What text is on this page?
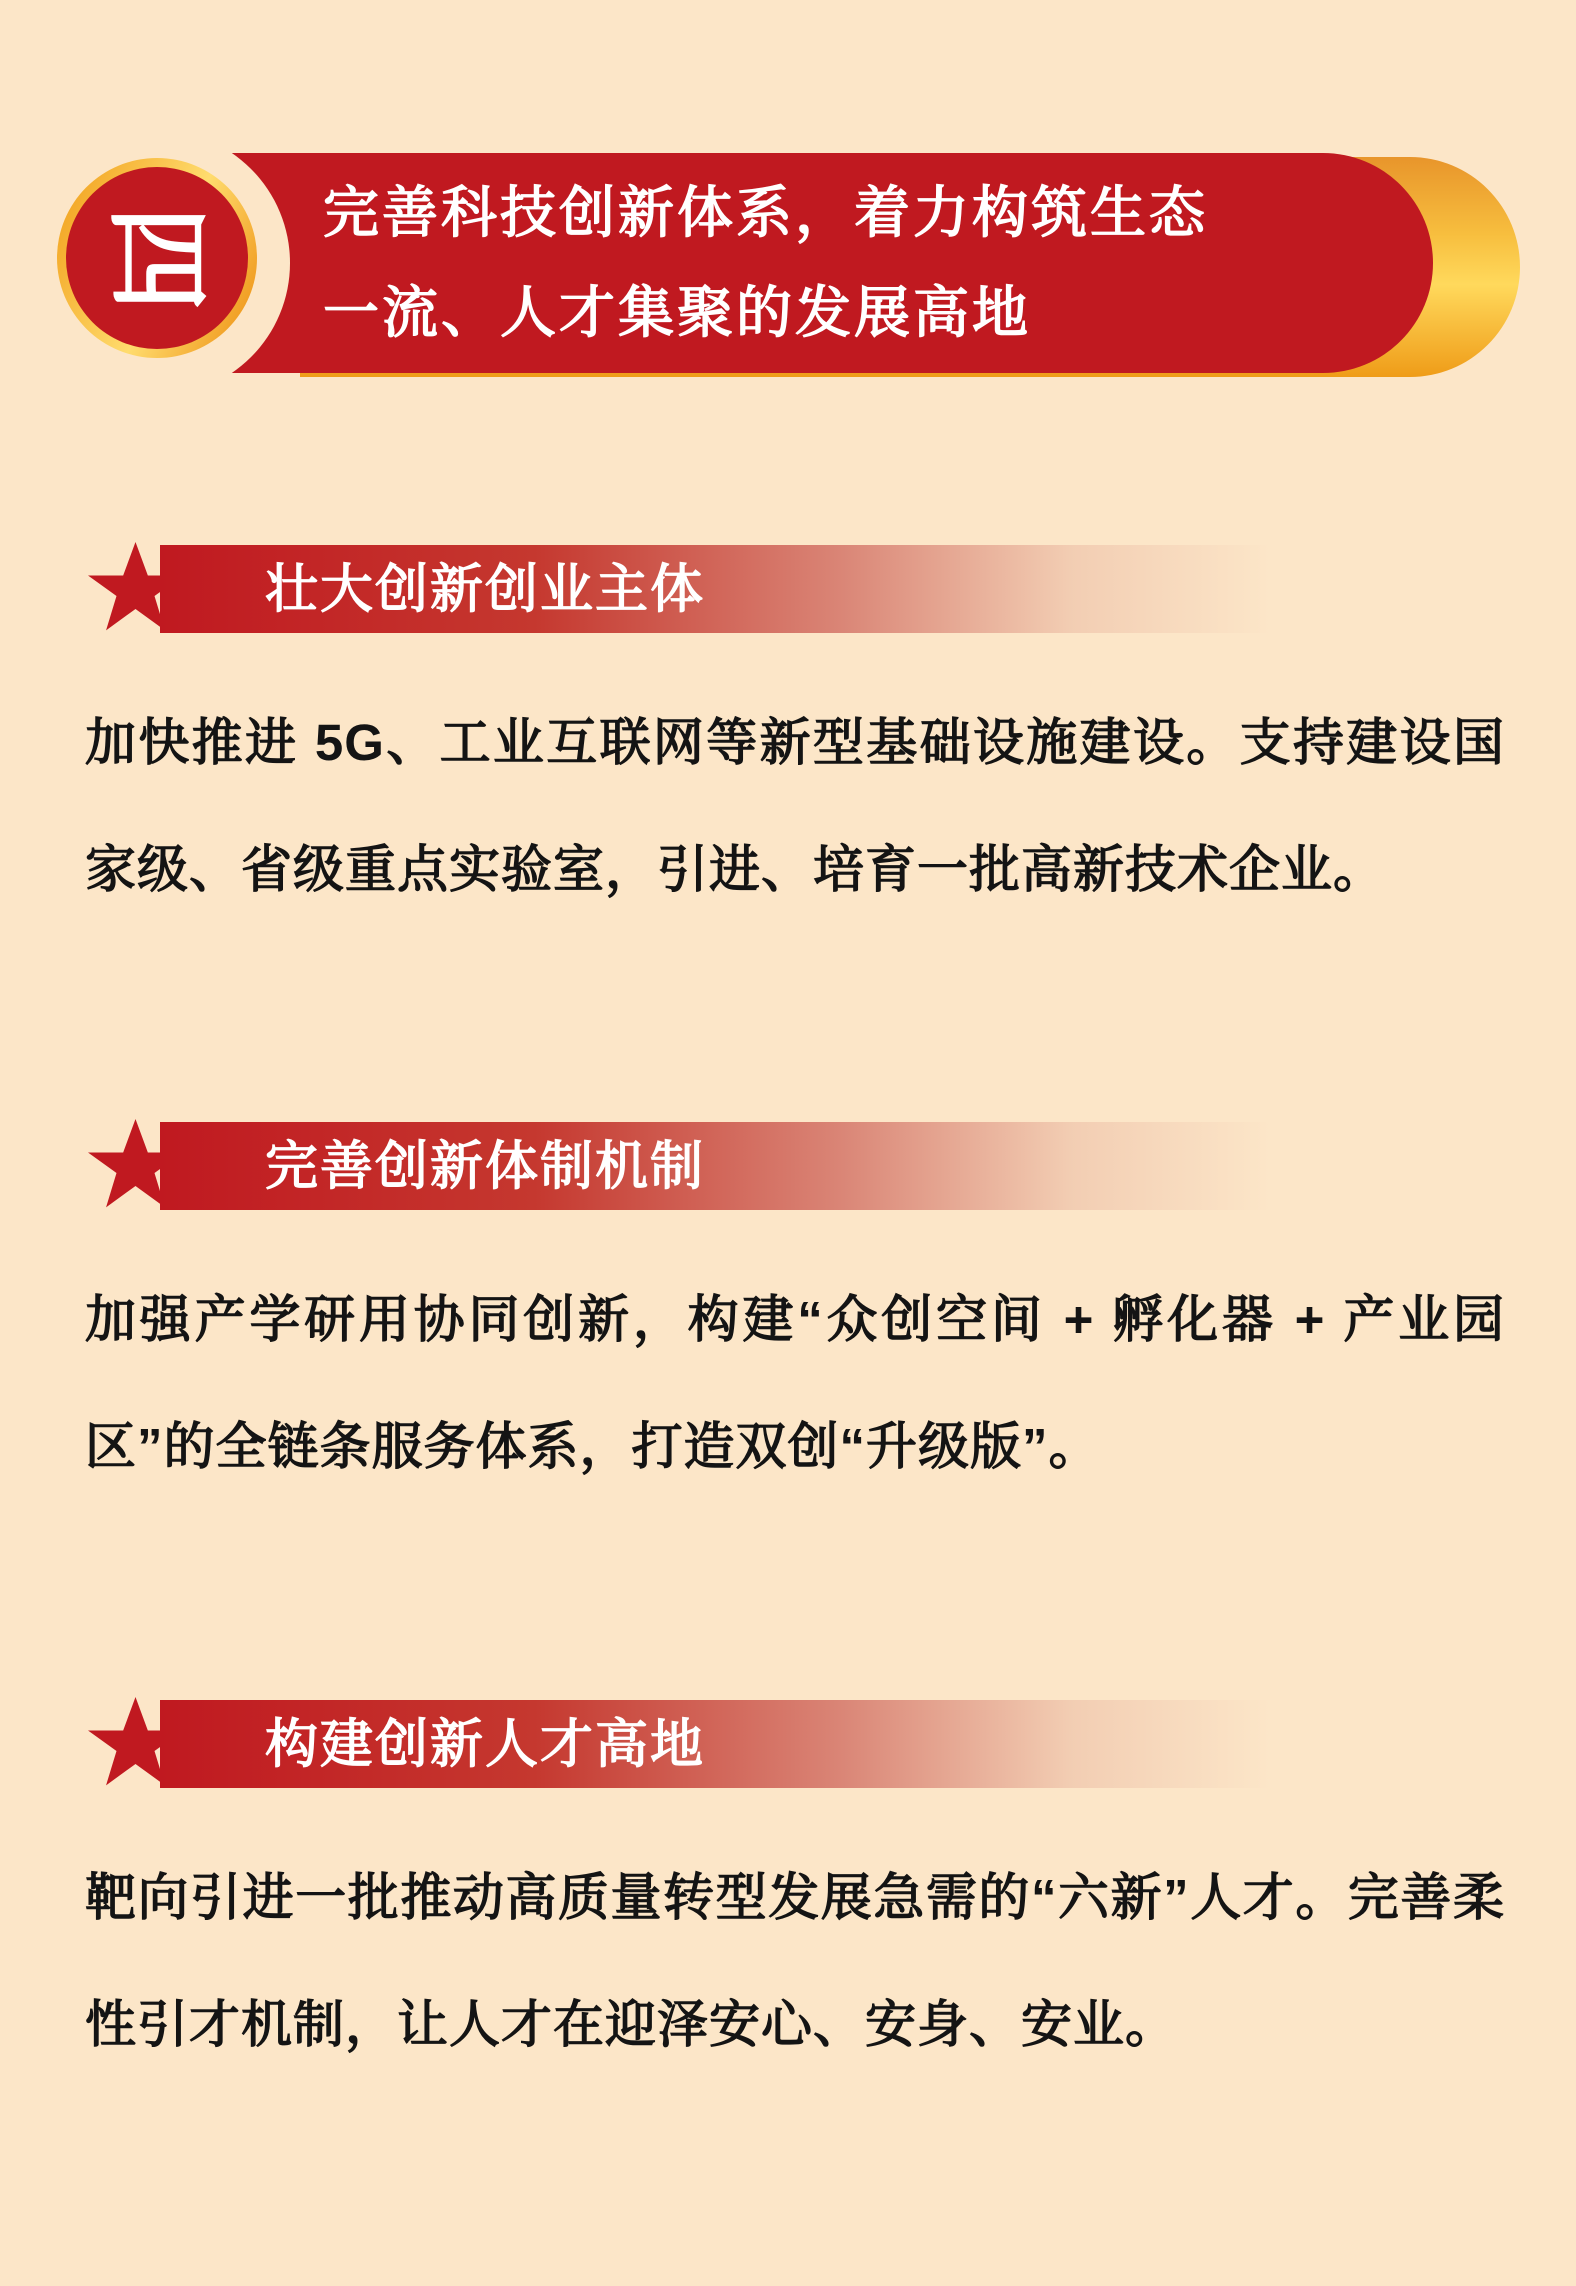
四 完善科技创新体系，着力构筑生态
一流、人才集聚的发展高地
壮大创新创业主体

加快推进 5G、工业互联网等新型基础设施建设。支持建设国家级、省级重点实验室，引进、培育一批高新技术企业。

完善创新体制机制

加强产学研用协同创新，构建“众创空间 + 孵化器 + 产业园区”的全链条服务体系，打造双创“升级版”。

构建创新人才高地

靶向引进一批推动高质量转型发展急需的“六新”人才。完善柔性引才机制，让人才在迎泽安心、安身、安业。
